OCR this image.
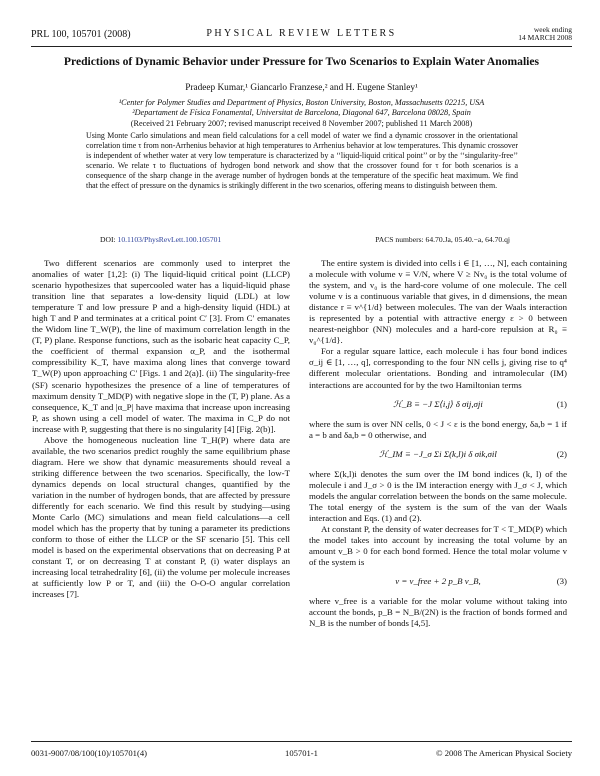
PRL 100, 105701 (2008)	PHYSICAL REVIEW LETTERS	week ending
14 MARCH 2008
Predictions of Dynamic Behavior under Pressure for Two Scenarios to Explain Water Anomalies
Pradeep Kumar,¹ Giancarlo Franzese,² and H. Eugene Stanley¹
¹Center for Polymer Studies and Department of Physics, Boston University, Boston, Massachusetts 02215, USA
²Departament de Física Fonamental, Universitat de Barcelona, Diagonal 647, Barcelona 08028, Spain
(Received 21 February 2007; revised manuscript received 8 November 2007; published 11 March 2008)
Using Monte Carlo simulations and mean field calculations for a cell model of water we find a dynamic crossover in the orientational correlation time τ from non-Arrhenius behavior at high temperatures to Arrhenius behavior at low temperatures. This dynamic crossover is independent of whether water at very low temperature is characterized by a ‘‘liquid-liquid critical point’’ or by the ‘‘singularity-free’’ scenario. We relate τ to fluctuations of hydrogen bond network and show that the crossover found for τ for both scenarios is a consequence of the sharp change in the average number of hydrogen bonds at the temperature of the specific heat maximum. We find that the effect of pressure on the dynamics is strikingly different in the two scenarios, offering means to distinguish between them.
DOI: 10.1103/PhysRevLett.100.105701	PACS numbers: 64.70.Ja, 05.40.−a, 64.70.qj

Two different scenarios are commonly used to interpret the anomalies of water [1,2]: (i) The liquid-liquid critical point (LLCP) scenario hypothesizes that supercooled water has a liquid-liquid phase transition line that separates a low-density liquid (LDL) at low temperature T and low pressure P and a high-density liquid (HDL) at high T and P and terminates at a critical point C′ [3]. From C′ emanates the Widom line T_W(P), the line of maximum correlation length in the (T, P) plane. Response functions, such as the isobaric heat capacity C_P, the coefficient of thermal expansion α_P, and the isothermal compressibility K_T, have maxima along lines that converge toward T_W(P) upon approaching C′ [Figs. 1 and 2(a)]. (ii) The singularity-free (SF) scenario hypothesizes the presence of a line of temperatures of maximum density T_MD(P) with negative slope in the (T, P) plane. As a consequence, K_T and |α_P| have maxima that increase upon increasing P, as shown using a cell model of water. The maxima in C_P do not increase with P, suggesting that there is no singularity [4] [Fig. 2(b)].

Above the homogeneous nucleation line T_H(P) where data are available, the two scenarios predict roughly the same equilibrium phase diagram. Here we show that dynamic measurements should reveal a striking difference between the two scenarios. Specifically, the low-T dynamics depends on local structural changes, quantified by the variation in the number of hydrogen bonds, that are affected by pressure differently for each scenario. We find this result by studying—using Monte Carlo (MC) simulations and mean field calculations—a cell model which has the property that by tuning a parameter its predictions conform to those of either the LLCP or the SF scenario [5]. This cell model is based on the experimental observations that on decreasing P at constant T, or on decreasing T at constant P, (i) water displays an increasing local tetrahedrality [6], (ii) the volume per molecule increases at sufficiently low P or T, and (iii) the O-O-O angular correlation increases [7].

The entire system is divided into cells i ∈ [1, …, N], each containing a molecule with volume v ≡ V/N, where V ≥ Nv₀ is the total volume of the system, and v₀ is the hard-core volume of one molecule. The cell volume v is a continuous variable that gives, in d dimensions, the mean distance r ≡ v^{1/d} between molecules. The van der Waals interaction is represented by a potential with attractive energy ε > 0 between nearest-neighbor (NN) molecules and a hard-core repulsion at R₀ ≡ v₀^{1/d}.

For a regular square lattice, each molecule i has four bond indices σ_ij ∈ [1, …, q], corresponding to the four NN cells j, giving rise to q⁴ different molecular orientations. Bonding and intramolecular (IM) interactions are accounted for by the two Hamiltonian terms

ℋ_B ≡ −J Σ⟨i,j⟩ δ σij,σji	(1)

where the sum is over NN cells, 0 < J < ε is the bond energy, δa,b = 1 if a = b and δa,b = 0 otherwise, and

ℋ_IM ≡ −J_σ Σi Σ(k,l)i δ σik,σil	(2)

where Σ(k,l)i denotes the sum over the IM bond indices (k, l) of the molecule i and J_σ > 0 is the IM interaction energy with J_σ < J, which models the angular correlation between the bonds on the same molecule. The total energy of the system is the sum of the van der Waals interaction and Eqs. (1) and (2).

At constant P, the density of water decreases for T < T_MD(P) which the model takes into account by increasing the total volume by an amount v_B > 0 for each bond formed. Hence the total molar volume v of the system is

v = v_free + 2 p_B v_B,	(3)

where v_free is a variable for the molar volume without taking into account the bonds, p_B = N_B/(2N) is the fraction of bonds formed and N_B is the number of bonds [4,5].

0031-9007/08/100(10)/105701(4)	105701-1	© 2008 The American Physical Society
